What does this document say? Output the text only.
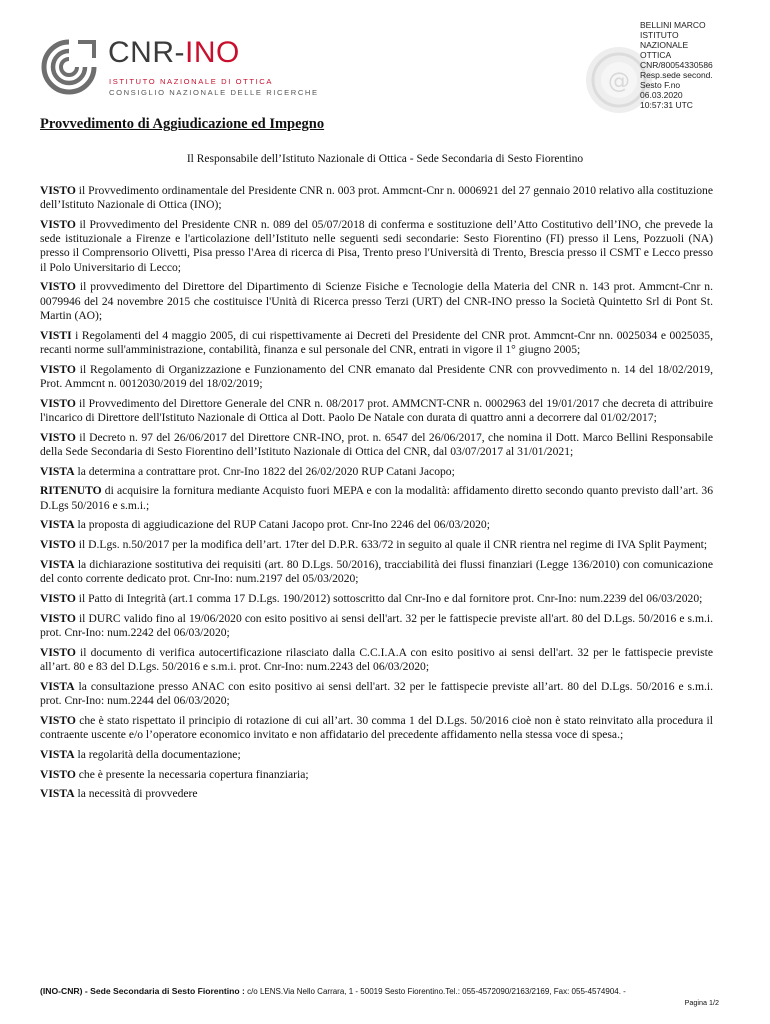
CNR-INO
ISTITUTO NAZIONALE DI OTTICA
CONSIGLIO NAZIONALE DELLE RICERCHE	@
BELLINI MARCO
ISTITUTO
NAZIONALE
OTTICA
CNR/80054330586
Resp.sede second.
Sesto F.no
06.03.2020
10:57:31 UTC
Provvedimento di Aggiudicazione ed Impegno
Il Responsabile dell’Istituto Nazionale di Ottica - Sede Secondaria di Sesto Fiorentino

VISTO il Provvedimento ordinamentale del Presidente CNR n. 003 prot. Ammcnt-Cnr n. 0006921 del 27 gennaio 2010 relativo alla costituzione dell’Istituto Nazionale di Ottica (INO);

VISTO il Provvedimento del Presidente CNR n. 089 del 05/07/2018 di conferma e sostituzione dell’Atto Costitutivo dell’INO, che prevede la sede istituzionale a Firenze e l'articolazione dell’Istituto nelle seguenti sedi secondarie: Sesto Fiorentino (FI) presso il Lens, Pozzuoli (NA) presso il Comprensorio Olivetti, Pisa presso l'Area di ricerca di Pisa, Trento preso l'Università di Trento, Brescia presso il CSMT e Lecco presso il Polo Universitario di Lecco;

VISTO il provvedimento del Direttore del Dipartimento di Scienze Fisiche e Tecnologie della Materia del CNR n. 143 prot. Ammcnt-Cnr n. 0079946 del 24 novembre 2015 che costituisce l'Unità di Ricerca presso Terzi (URT) del CNR-INO presso la Società Quintetto Srl di Pont St. Martin (AO);

VISTI i Regolamenti del 4 maggio 2005, di cui rispettivamente ai Decreti del Presidente del CNR prot. Ammcnt-Cnr nn. 0025034 e 0025035, recanti norme sull'amministrazione, contabilità, finanza e sul personale del CNR, entrati in vigore il 1° giugno 2005;

VISTO il Regolamento di Organizzazione e Funzionamento del CNR emanato dal Presidente CNR con provvedimento n. 14 del 18/02/2019, Prot. Ammcnt n. 0012030/2019 del 18/02/2019;

VISTO il Provvedimento del Direttore Generale del CNR n. 08/2017 prot. AMMCNT-CNR n. 0002963 del 19/01/2017 che decreta di attribuire l'incarico di Direttore dell'Istituto Nazionale di Ottica al Dott. Paolo De Natale con durata di quattro anni a decorrere dal 01/02/2017;

VISTO il Decreto n. 97 del 26/06/2017 del Direttore CNR-INO, prot. n. 6547 del 26/06/2017, che nomina il Dott. Marco Bellini Responsabile della Sede Secondaria di Sesto Fiorentino dell’Istituto Nazionale di Ottica del CNR, dal 03/07/2017 al 31/01/2021;

VISTA la determina a contrattare prot. Cnr-Ino 1822 del 26/02/2020 RUP Catani Jacopo;

RITENUTO di acquisire la fornitura mediante Acquisto fuori MEPA e con la modalità: affidamento diretto secondo quanto previsto dall’art. 36 D.Lgs 50/2016 e s.m.i.;

VISTA la proposta di aggiudicazione del RUP Catani Jacopo prot. Cnr-Ino 2246 del 06/03/2020;

VISTO il D.Lgs. n.50/2017 per la modifica dell’art. 17ter del D.P.R. 633/72 in seguito al quale il CNR rientra nel regime di IVA Split Payment;

VISTA la dichiarazione sostitutiva dei requisiti (art. 80 D.Lgs. 50/2016), tracciabilità dei flussi finanziari (Legge 136/2010) con comunicazione del conto corrente dedicato prot. Cnr-Ino: num.2197 del 05/03/2020;

VISTO il Patto di Integrità (art.1 comma 17 D.Lgs. 190/2012) sottoscritto dal Cnr-Ino e dal fornitore prot. Cnr-Ino: num.2239 del 06/03/2020;

VISTO il DURC valido fino al 19/06/2020 con esito positivo ai sensi dell'art. 32 per le fattispecie previste all'art. 80 del D.Lgs. 50/2016 e s.m.i. prot. Cnr-Ino: num.2242 del 06/03/2020;

VISTO il documento di verifica autocertificazione rilasciato dalla C.C.I.A.A con esito positivo ai sensi dell'art. 32 per le fattispecie previste all’art. 80 e 83 del D.Lgs. 50/2016 e s.m.i. prot. Cnr-Ino: num.2243 del 06/03/2020;

VISTA la consultazione presso ANAC con esito positivo ai sensi dell'art. 32 per le fattispecie previste all’art. 80 del D.Lgs. 50/2016 e s.m.i. prot. Cnr-Ino: num.2244 del 06/03/2020;

VISTO che è stato rispettato il principio di rotazione di cui all’art. 30 comma 1 del D.Lgs. 50/2016 cioè non è stato reinvitato alla procedura il contraente uscente e/o l’operatore economico invitato e non affidatario del precedente affidamento nella stessa voce di spesa.;

VISTA la regolarità della documentazione;

VISTO che è presente la necessaria copertura finanziaria;

VISTA la necessità di provvedere

(INO-CNR) - Sede Secondaria di Sesto Fiorentino : c/o LENS.Via Nello Carrara, 1 - 50019 Sesto Fiorentino.Tel.: 055-4572090/2163/2169, Fax: 055-4574904. -
Pagina 1/2
